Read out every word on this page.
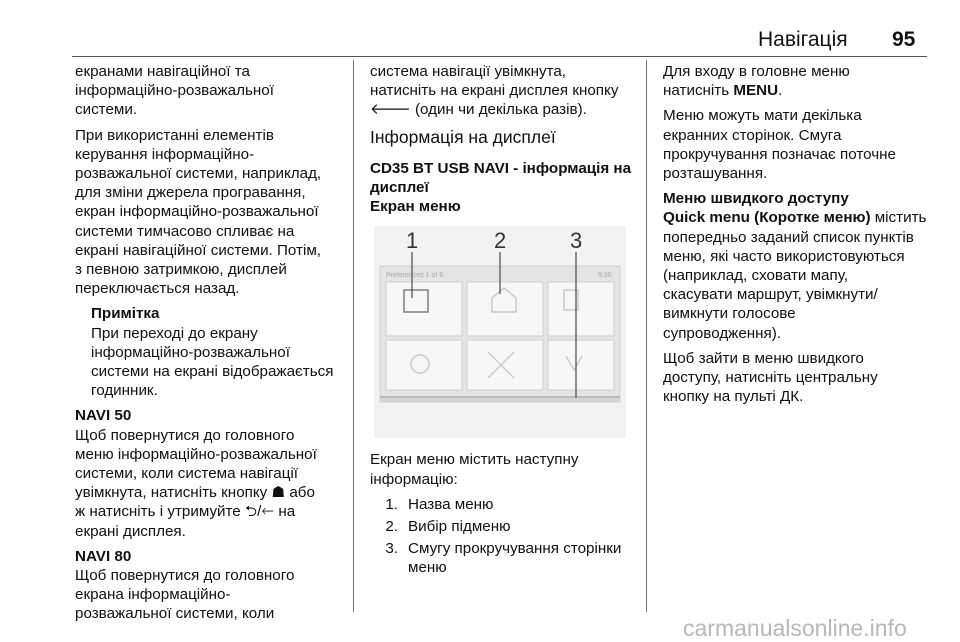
Навігація 95

екранами навігаційної та
інформаційно-розважальної
системи.

При використанні елементів
керування інформаційно-
розважальної системи, наприклад,
для зміни джерела програвання,
екран інформаційно-розважальної
системи тимчасово спливає на
екрані навігаційної системи. Потім,
з певною затримкою, дисплей
переключається назад.

Примітка
При переході до екрану
інформаційно-розважальної
системи на екрані відображається
годинник.

NAVI 50
Щоб повернутися до головного
меню інформаційно-розважальної
системи, коли система навігації
увімкнута, натисніть кнопку ☗ або
ж натисніть і утримуйте ⮌/🡐 на
екрані дисплея.

NAVI 80
Щоб повернутися до головного
екрана інформаційно-
розважальної системи, коли

система навігації увімкнута,
натисніть на екрані дисплея кнопку
🡐 (один чи декілька разів).

Інформація на дисплеї
CD35 BT USB NAVI - інформація на дисплеї
Екран меню
Preferences 1 of 6	9:30
1	2	3

Екран меню містить наступну
інформацію:

1. Назва меню
2. Вибір підменю
3. Смугу прокручування сторінки
меню

Для входу в головне меню
натисніть MENU.

Меню можуть мати декілька
екранних сторінок. Смуга
прокручування позначає поточне
розташування.

Меню швидкого доступу
Quick menu (Коротке меню) містить
попередньо заданий список пунктів
меню, які часто використовуються
(наприклад, сховати мапу,
скасувати маршрут, увімкнути/
вимкнути голосове
супроводження).

Щоб зайти в меню швидкого
доступу, натисніть центральну
кнопку на пульті ДК.

carmanualsonline.info
